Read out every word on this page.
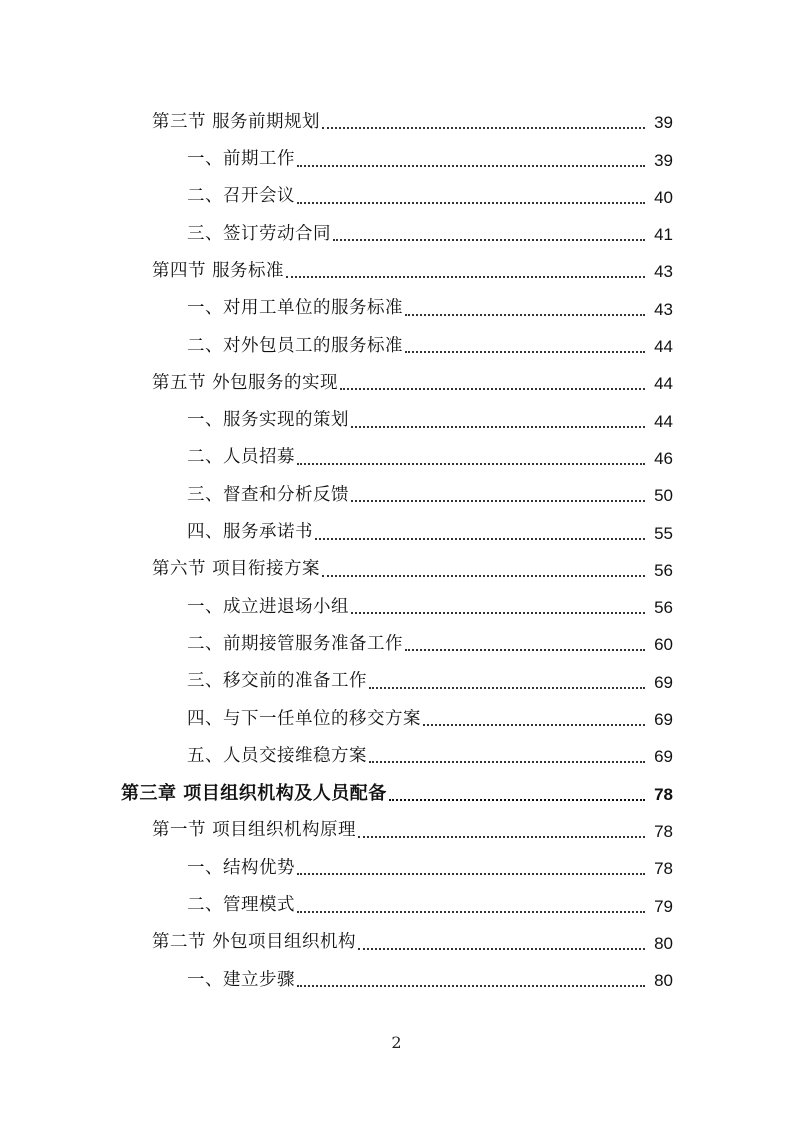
第三节 服务前期规划	39
一、前期工作	39
二、召开会议	40
三、签订劳动合同	41
第四节 服务标准	43
一、对用工单位的服务标准	43
二、对外包员工的服务标准	44
第五节 外包服务的实现	44
一、服务实现的策划	44
二、人员招募	46
三、督查和分析反馈	50
四、服务承诺书	55
第六节 项目衔接方案	56
一、成立进退场小组	56
二、前期接管服务准备工作	60
三、移交前的准备工作	69
四、与下一任单位的移交方案	69
五、人员交接维稳方案	69
第三章 项目组织机构及人员配备	78
第一节 项目组织机构原理	78
一、结构优势	78
二、管理模式	79
第二节 外包项目组织机构	80
一、建立步骤	80
2
